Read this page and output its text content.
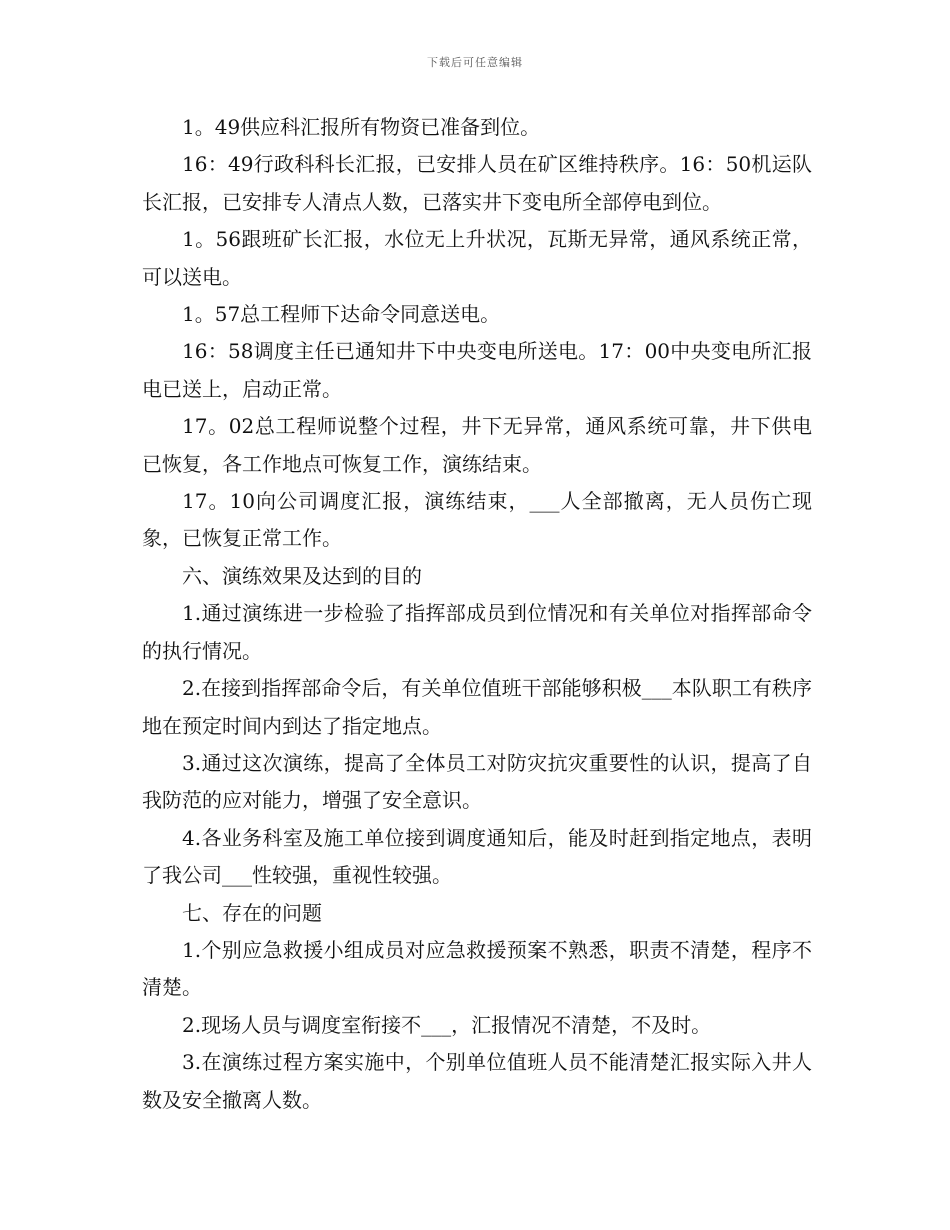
下载后可任意编辑

1。49供应科汇报所有物资已准备到位。

16：49行政科科长汇报，已安排人员在矿区维持秩序。16：50机运队长汇报，已安排专人清点人数，已落实井下变电所全部停电到位。

1。56跟班矿长汇报，水位无上升状况，瓦斯无异常，通风系统正常，可以送电。

1。57总工程师下达命令同意送电。

16：58调度主任已通知井下中央变电所送电。17：00中央变电所汇报电已送上，启动正常。

17。02总工程师说整个过程，井下无异常，通风系统可靠，井下供电已恢复，各工作地点可恢复工作，演练结束。

17。10向公司调度汇报，演练结束，___人全部撤离，无人员伤亡现象，已恢复正常工作。

六、演练效果及达到的目的

1.通过演练进一步检验了指挥部成员到位情况和有关单位对指挥部命令的执行情况。

2.在接到指挥部命令后，有关单位值班干部能够积极___本队职工有秩序地在预定时间内到达了指定地点。

3.通过这次演练，提高了全体员工对防灾抗灾重要性的认识，提高了自我防范的应对能力，增强了安全意识。

4.各业务科室及施工单位接到调度通知后，能及时赶到指定地点，表明了我公司___性较强，重视性较强。

七、存在的问题

1.个别应急救援小组成员对应急救援预案不熟悉，职责不清楚，程序不清楚。

2.现场人员与调度室衔接不___，汇报情况不清楚，不及时。

3.在演练过程方案实施中，个别单位值班人员不能清楚汇报实际入井人数及安全撤离人数。
